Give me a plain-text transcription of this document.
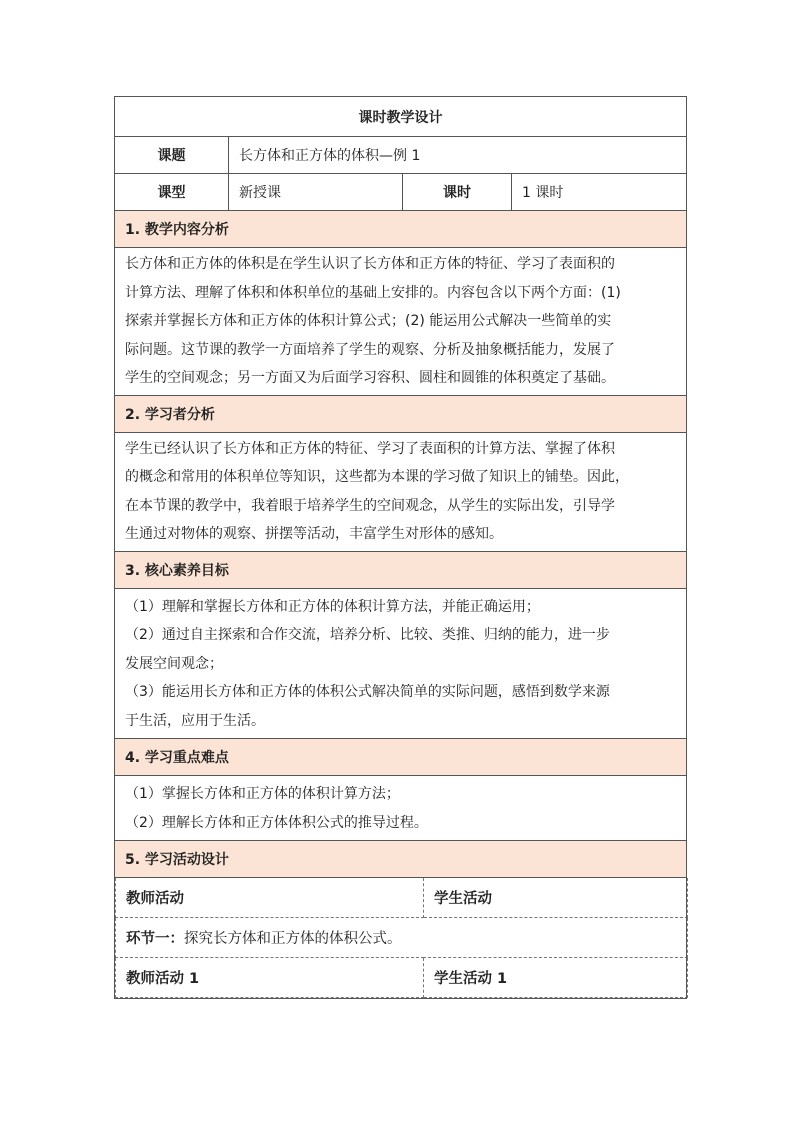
课时教学设计
课题	长方体和正方体的体积—例 1
课型	新授课	课时	1 课时
1. 教学内容分析

长方体和正方体的体积是在学生认识了长方体和正方体的特征、学习了表面积的
计算方法、理解了体积和体积单位的基础上安排的。内容包含以下两个方面：(1)
探索并掌握长方体和正方体的体积计算公式；(2) 能运用公式解决一些简单的实
际问题。这节课的教学一方面培养了学生的观察、分析及抽象概括能力，发展了
学生的空间观念；另一方面又为后面学习容积、圆柱和圆锥的体积奠定了基础。

2. 学习者分析

学生已经认识了长方体和正方体的特征、学习了表面积的计算方法、掌握了体积
的概念和常用的体积单位等知识，这些都为本课的学习做了知识上的铺垫。因此，
在本节课的教学中，我着眼于培养学生的空间观念，从学生的实际出发，引导学
生通过对物体的观察、拼摆等活动，丰富学生对形体的感知。

3. 核心素养目标

（1）理解和掌握长方体和正方体的体积计算方法，并能正确运用；
（2）通过自主探索和合作交流，培养分析、比较、类推、归纳的能力，进一步
发展空间观念；
（3）能运用长方体和正方体的体积公式解决简单的实际问题，感悟到数学来源
于生活，应用于生活。

4. 学习重点难点

（1）掌握长方体和正方体的体积计算方法；
（2）理解长方体和正方体体积公式的推导过程。

5. 学习活动设计

教师活动	学生活动
环节一：探究长方体和正方体的体积公式。
教师活动 1	学生活动 1
